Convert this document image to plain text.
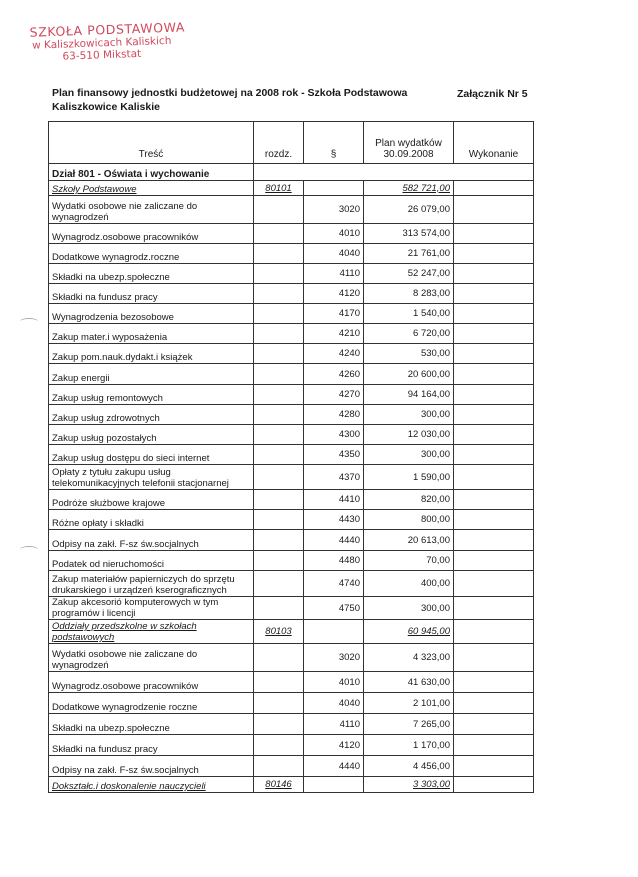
SZKOŁA PODSTAWOWA
w Kaliszkowicach Kaliskich
63-510 Mikstat
Plan finansowy jednostki budżetowej na 2008 rok - Szkoła Podstawowa Kaliszkowice Kaliskie
Załącznik Nr 5
Treść	rozdz.	§	Plan wydatków 30.09.2008	Wykonanie
Dział 801 - Oświata i wychowanie				
Szkoły Podstawowe	80101		582 721,00	
Wydatki osobowe nie zaliczane do wynagrodzeń		3020	26 079,00	
Wynagrodz.osobowe pracowników		4010	313 574,00	
Dodatkowe wynagrodz.roczne		4040	21 761,00	
Składki na ubezp.społeczne		4110	52 247,00	
Składki na fundusz pracy		4120	8 283,00	
Wynagrodzenia bezosobowe		4170	1 540,00	
Zakup mater.i wyposażenia		4210	6 720,00	
Zakup pom.nauk.dydakt.i książek		4240	530,00	
Zakup energii		4260	20 600,00	
Zakup usług remontowych		4270	94 164,00	
Zakup usług zdrowotnych		4280	300,00	
Zakup usług pozostałych		4300	12 030,00	
Zakup usług dostępu do sieci internet		4350	300,00	
Opłaty z tytułu zakupu usług telekomunikacyjnych telefonii stacjonarnej		4370	1 590,00	
Podróże służbowe krajowe		4410	820,00	
Różne opłaty i składki		4430	800,00	
Odpisy na zakł. F-sz św.socjalnych		4440	20 613,00	
Podatek od nieruchomości		4480	70,00	
Zakup materiałów papierniczych do sprzętu drukarskiego i urządzeń kserograficznych		4740	400,00	
Zakup akcesorió komputerowych w tym programów i licencji		4750	300,00	
Oddziały przedszkolne w szkołach podstawowych	80103		60 945,00	
Wydatki osobowe nie zaliczane do wynagrodzeń		3020	4 323,00	
Wynagrodz.osobowe pracowników		4010	41 630,00	
Dodatkowe wynagrodzenie roczne		4040	2 101,00	
Składki na ubezp.społeczne		4110	7 265,00	
Składki na fundusz pracy		4120	1 170,00	
Odpisy na zakł. F-sz św.socjalnych		4440	4 456,00	
Dokształc.i doskonalenie nauczycieli	80146		3 303,00	
